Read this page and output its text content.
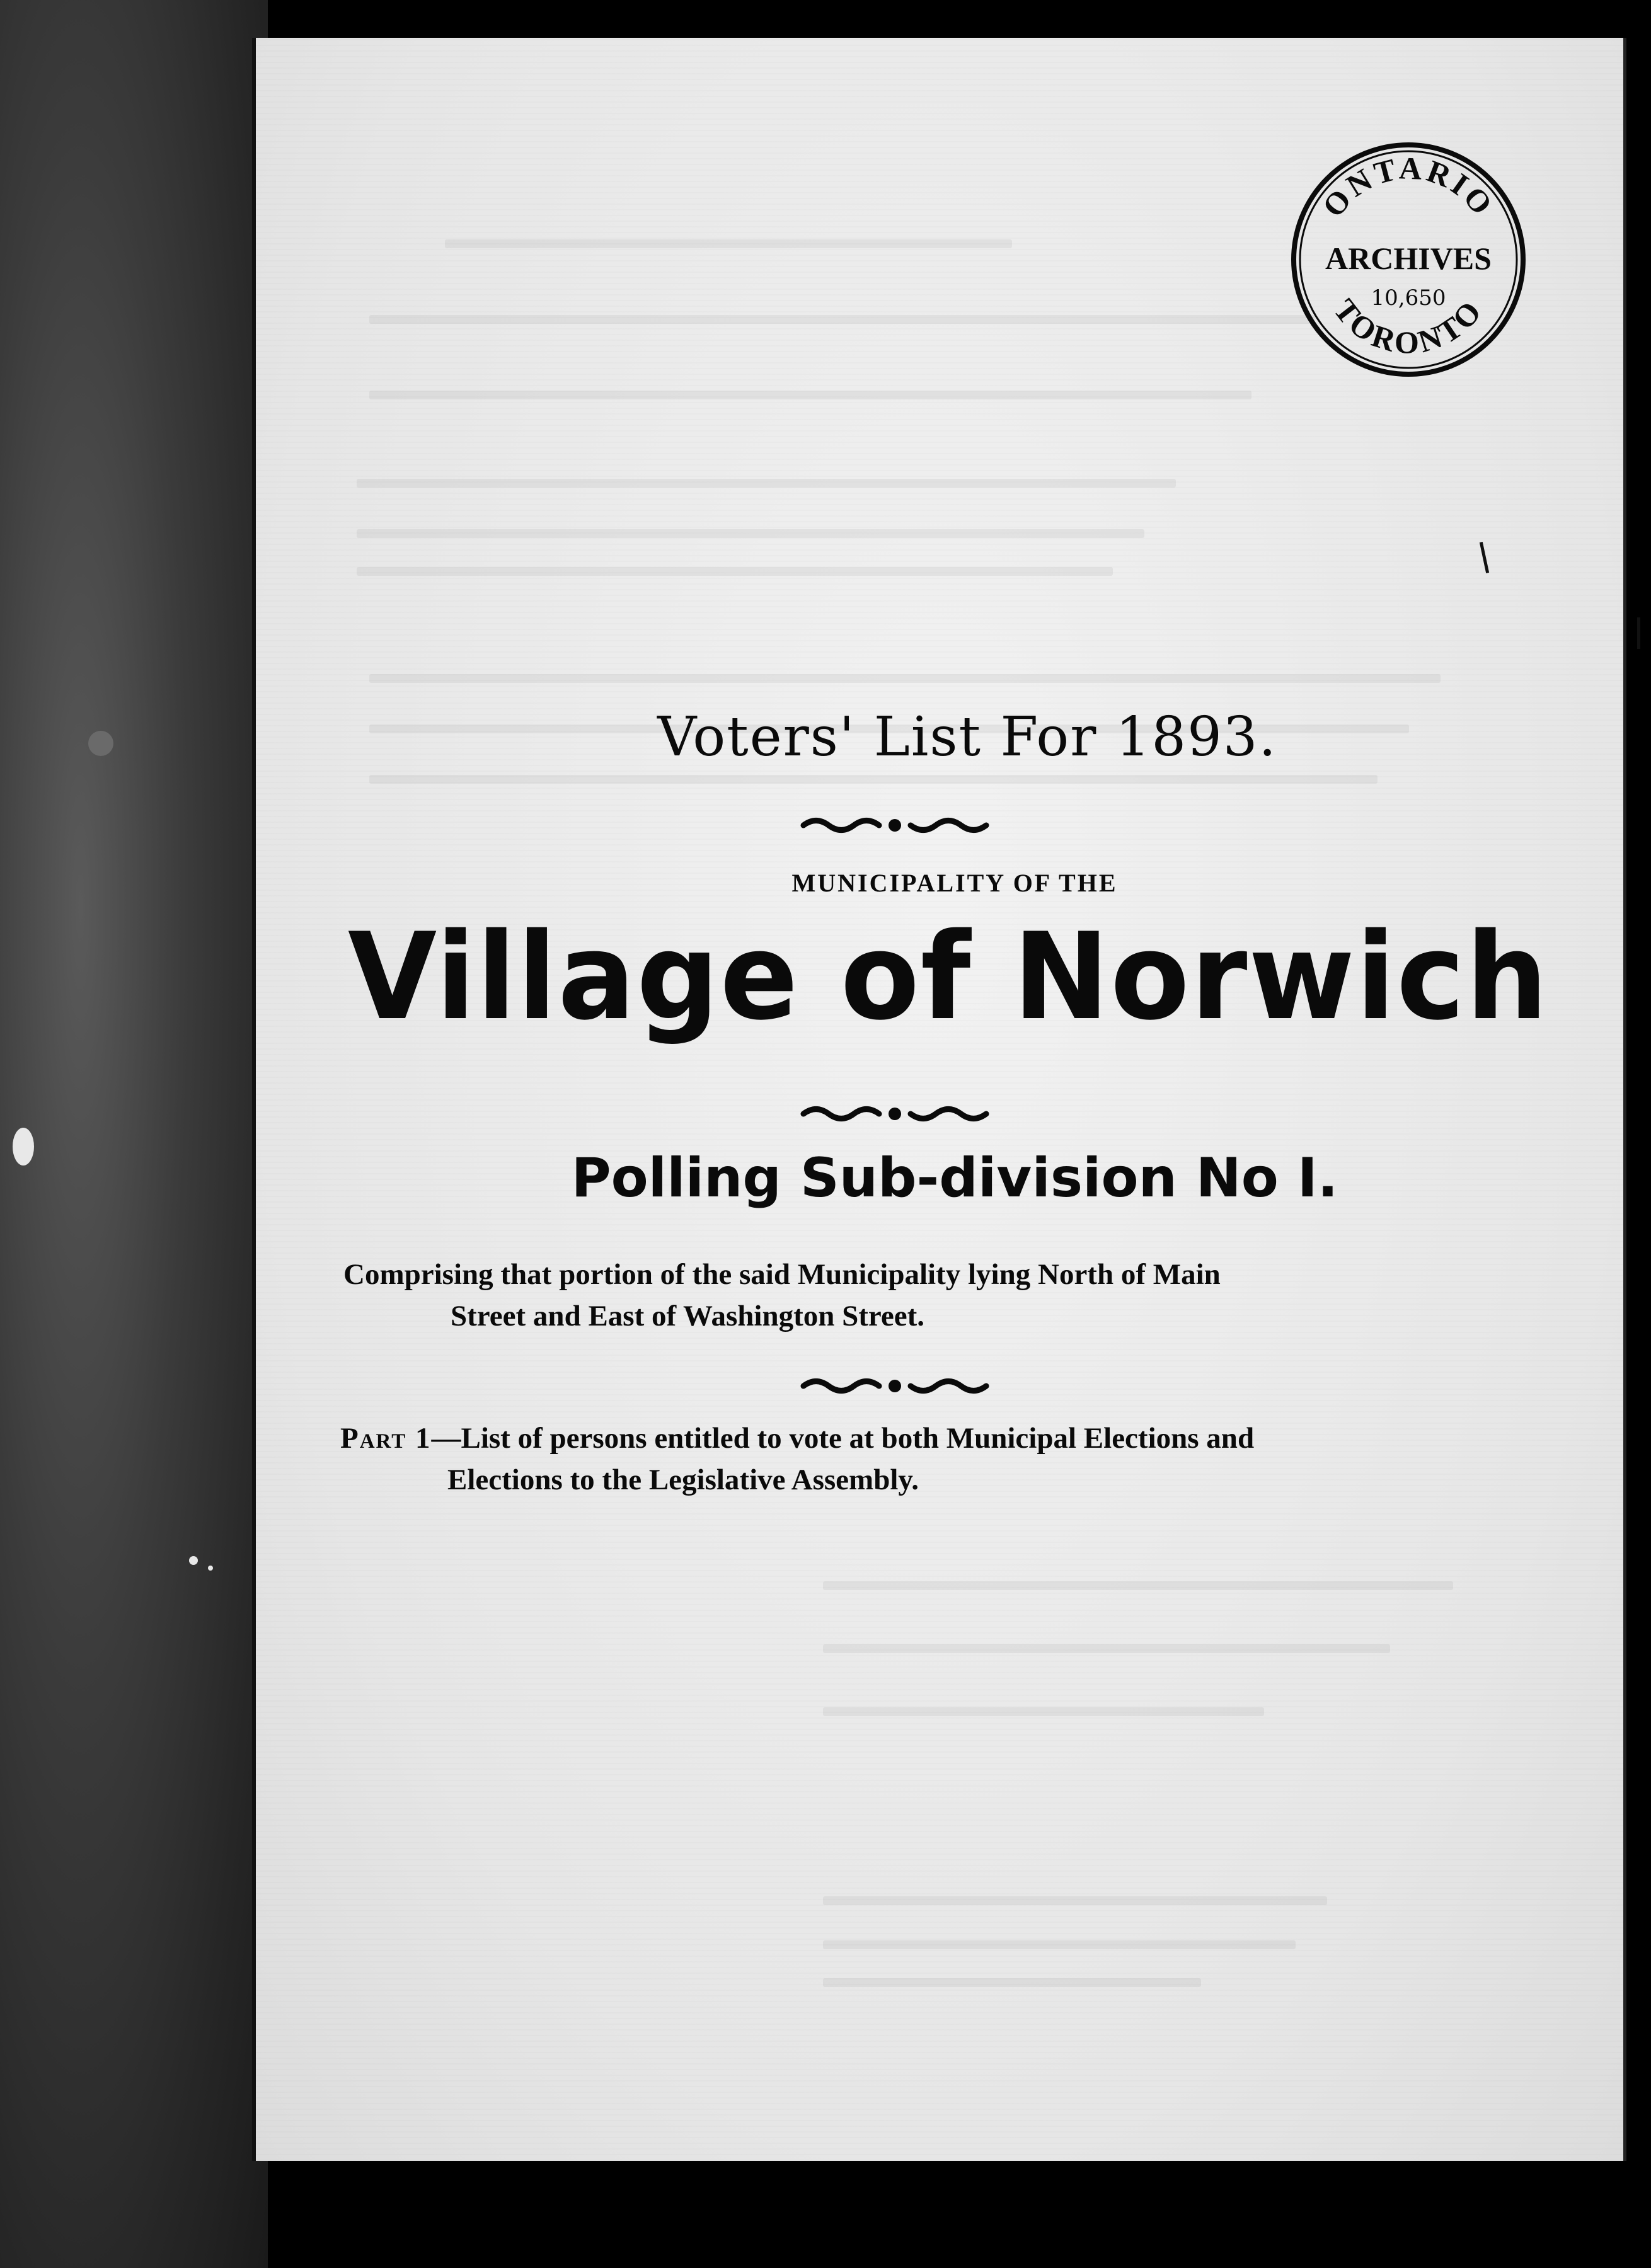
ONTARIO
ARCHIVES
10,650
TORONTO
Voters' List For 1893.
MUNICIPALITY OF THE
Village of Norwich
Polling Sub-division No I.
Comprising that portion of the said Municipality lying North of Main
Street and East of Washington Street.
Part 1—List of persons entitled to vote at both Municipal Elections and
Elections to the Legislative Assembly.
